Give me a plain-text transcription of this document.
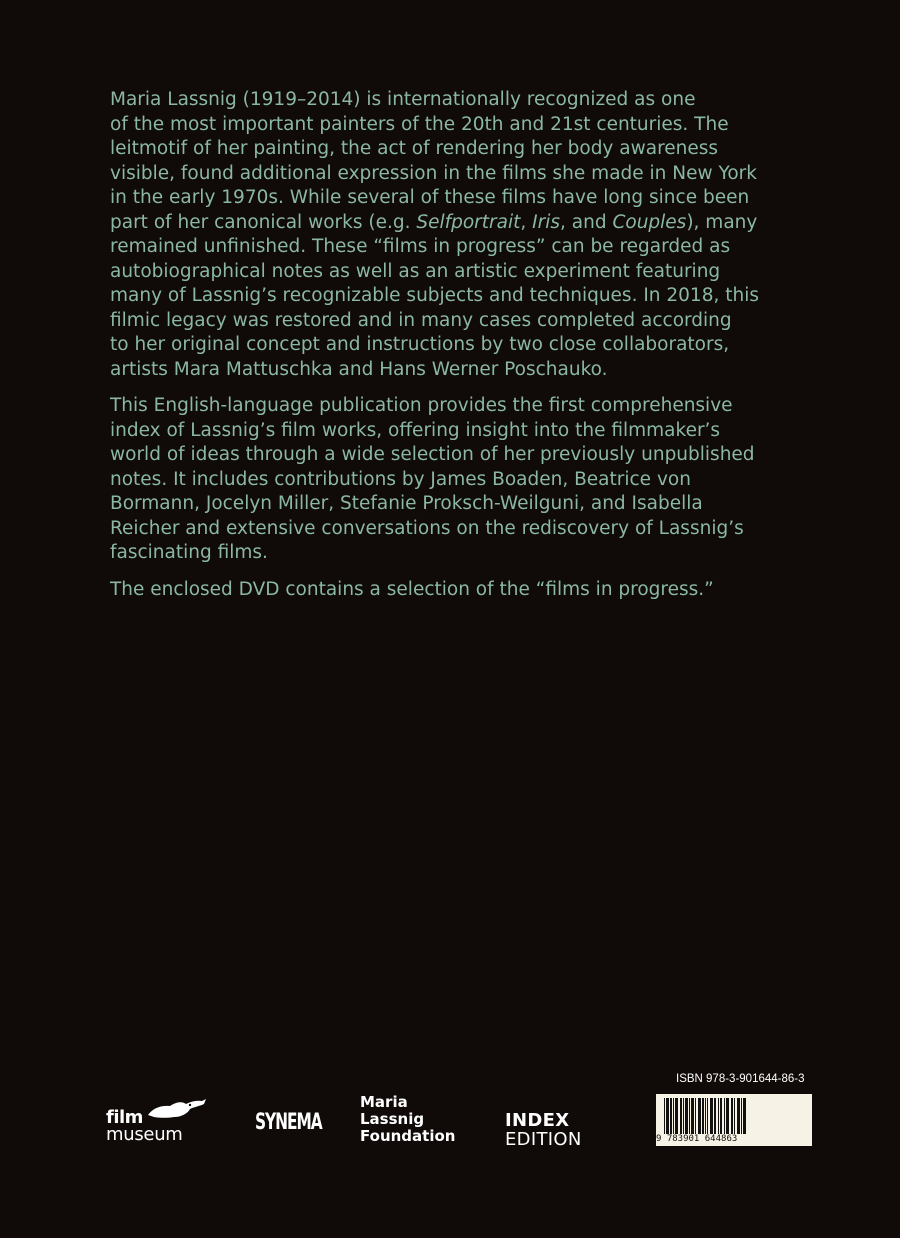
Maria Lassnig (1919–2014) is internationally recognized as one
of the most important painters of the 20th and 21st centuries. The
leitmotif of her painting, the act of rendering her body awareness
visible, found additional expression in the films she made in New York
in the early 1970s. While several of these films have long since been
part of her canonical works (e.g. Selfportrait, Iris, and Couples), many
remained unfinished. These “films in progress” can be regarded as
autobiographical notes as well as an artistic experiment featuring
many of Lassnig’s recognizable subjects and techniques. In 2018, this
filmic legacy was restored and in many cases completed according
to her original concept and instructions by two close collaborators,
artists Mara Mattuschka and Hans Werner Poschauko.

This English-language publication provides the first comprehensive
index of Lassnig’s film works, offering insight into the filmmaker’s
world of ideas through a wide selection of her previously unpublished
notes. It includes contributions by James Boaden, Beatrice von
Bormann, Jocelyn Miller, Stefanie Proksch-Weilguni, and Isabella
Reicher and extensive conversations on the rediscovery of Lassnig’s
fascinating films.

The enclosed DVD contains a selection of the “films in progress.”

film
museum	SYNEMA
Maria
Lassnig
Foundation
INDEX
EDITION
ISBN 978-3-901644-86-3
9 783901 644863
